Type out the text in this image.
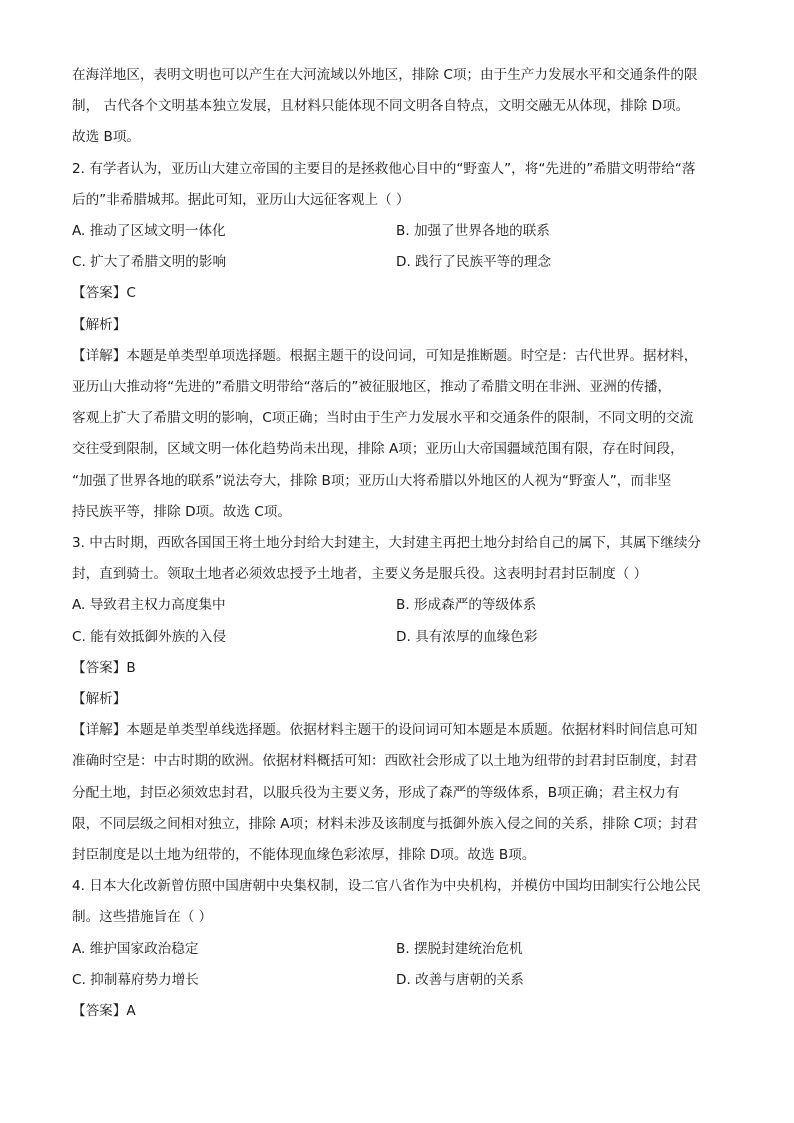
在海洋地区，表明文明也可以产生在大河流域以外地区，排除 C项；由于生产力发展水平和交通条件的限

制， 古代各个文明基本独立发展，且材料只能体现不同文明各自特点，文明交融无从体现，排除 D项。

故选 B项。

2. 有学者认为，亚历山大建立帝国的主要目的是拯救他心目中的“野蛮人”，将“先进的”希腊文明带给“落

后的”非希腊城邦。据此可知，亚历山大远征客观上（ ）

A. 推动了区域文明一体化	B. 加强了世界各地的联系
C. 扩大了希腊文明的影响	D. 践行了民族平等的理念

【答案】C

【解析】

【详解】本题是单类型单项选择题。根据主题干的设问词，可知是推断题。时空是：古代世界。据材料，

亚历山大推动将“先进的”希腊文明带给“落后的”被征服地区，推动了希腊文明在非洲、亚洲的传播，

客观上扩大了希腊文明的影响，C项正确；当时由于生产力发展水平和交通条件的限制，不同文明的交流

交往受到限制，区域文明一体化趋势尚未出现，排除 A项；亚历山大帝国疆域范围有限，存在时间段，

“加强了世界各地的联系”说法夸大，排除 B项；亚历山大将希腊以外地区的人视为“野蛮人”，而非坚

持民族平等，排除 D项。故选 C项。

3. 中古时期，西欧各国国王将土地分封给大封建主，大封建主再把土地分封给自己的属下，其属下继续分

封，直到骑士。领取土地者必须效忠授予土地者，主要义务是服兵役。这表明封君封臣制度（ ）

A. 导致君主权力高度集中	B. 形成森严的等级体系
C. 能有效抵御外族的入侵	D. 具有浓厚的血缘色彩

【答案】B

【解析】

【详解】本题是单类型单线选择题。依据材料主题干的设问词可知本题是本质题。依据材料时间信息可知

准确时空是：中古时期的欧洲。依据材料概括可知：西欧社会形成了以土地为纽带的封君封臣制度，封君

分配土地，封臣必须效忠封君，以服兵役为主要义务，形成了森严的等级体系，B项正确；君主权力有

限，不同层级之间相对独立，排除 A项；材料未涉及该制度与抵御外族入侵之间的关系，排除 C项；封君

封臣制度是以土地为纽带的，不能体现血缘色彩浓厚，排除 D项。故选 B项。

4. 日本大化改新曾仿照中国唐朝中央集权制，设二官八省作为中央机构，并模仿中国均田制实行公地公民

制。这些措施旨在（ ）

A. 维护国家政治稳定	B. 摆脱封建统治危机
C. 抑制幕府势力增长	D. 改善与唐朝的关系

【答案】A
